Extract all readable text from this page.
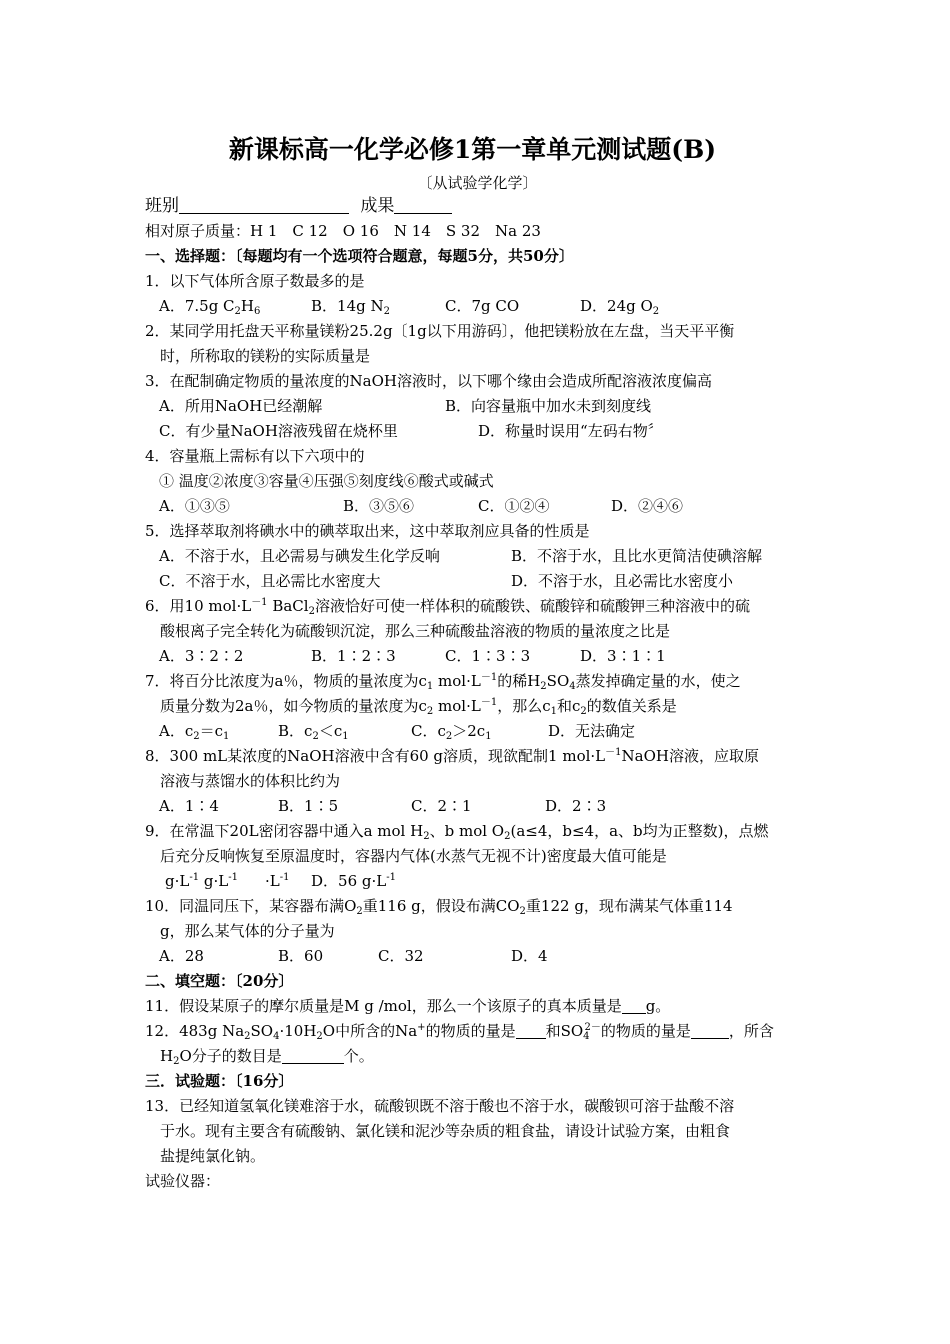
新课标高一化学必修1第一章单元测试题(B)
〔从试验学化学〕
班别	成果
相对原子质量：H 1　C 12　O 16　N 14　S 32　Na 23
一、选择题：〔每题均有一个选项符合题意，每题5分，共50分〕
1．以下气体所含原子数最多的是
A．7.5g $C_2H_6$	B．14g $N_2$	C．7g CO	D．24g $O_2$
2．某同学用托盘天平称量镁粉25.2g〔1g以下用游码〕，他把镁粉放在左盘，当天平平衡
时，所称取的镁粉的实际质量是
3．在配制确定物质的量浓度的NaOH溶液时，以下哪个缘由会造成所配溶液浓度偏高
A．所用NaOH已经潮解	B．向容量瓶中加水未到刻度线
C．有少量NaOH溶液残留在烧杯里	D．称量时误用“左码右物〞
4．容量瓶上需标有以下六项中的
① 温度②浓度③容量④压强⑤刻度线⑥酸式或碱式
A．①③⑤	B．③⑤⑥	C．①②④	D．②④⑥
5．选择萃取剂将碘水中的碘萃取出来，这中萃取剂应具备的性质是
A．不溶于水，且必需易与碘发生化学反响	B．不溶于水，且比水更简洁使碘溶解
C．不溶于水，且必需比水密度大	D．不溶于水，且必需比水密度小
6．用10 $mol\cdot L^{-1}$ BaCl$_2$溶液恰好可使一样体积的硫酸铁、硫酸锌和硫酸钾三种溶液中的硫
酸根离子完全转化为硫酸钡沉淀，那么三种硫酸盐溶液的物质的量浓度之比是
A．3∶2∶2	B．1∶2∶3	C．1∶3∶3	D．3∶1∶1
7．将百分比浓度为a％，物质的量浓度为$c_1$ $mol\cdot L^{-1}$的稀$H_2SO_4$蒸发掉确定量的水，使之
质量分数为2a％，如今物质的量浓度为$c_2$ $mol\cdot L^{-1}$，那么$c_1$和$c_2$的数值关系是
A．$c_2=c_1$	B．$c_2<c_1$	C．$c_2>2c_1$	D．无法确定
8．300 mL某浓度的NaOH溶液中含有60 g溶质，现欲配制1 $mol\cdot L^{-1}NaOH$溶液，应取原
溶液与蒸馏水的体积比约为
A．1∶4	B．1∶5	C．2∶1	D．2∶3
9．在常温下20L密闭容器中通入a mol $H_2$、b mol $O_2(a\le 4$，b≤4，a、b均为正整数)，点燃
后充分反响恢复至原温度时，容器内气体(水蒸气无视不计)密度最大值可能是
$g\cdot L^{-1}$ $g\cdot L^{-1} \cdot L^{-1}$ D．56 $g\cdot L^{-1}$
10．同温同压下，某容器布满$O_2$重116 g，假设布满$CO_2$重122 g，现布满某气体重114
g，那么某气体的分子量为
A．28	B．60	C．32	D．4
二、填空题：〔20分〕
11．假设某原子的摩尔质量是M g /mol，那么一个该原子的真本质量是 g。
12．483g $Na_2SO_4\cdot 10H_2O$中所含的Na+的物质的量是 和$SO_4^{2-}$的物质的量是	，所含
$H_2O$分子的数目是	个。
三．试验题：〔16分〕
13．已经知道氢氧化镁难溶于水，硫酸钡既不溶于酸也不溶于水，碳酸钡可溶于盐酸不溶
于水。现有主要含有硫酸钠、氯化镁和泥沙等杂质的粗食盐，请设计试验方案，由粗食
盐提纯氯化钠。
试验仪器：
